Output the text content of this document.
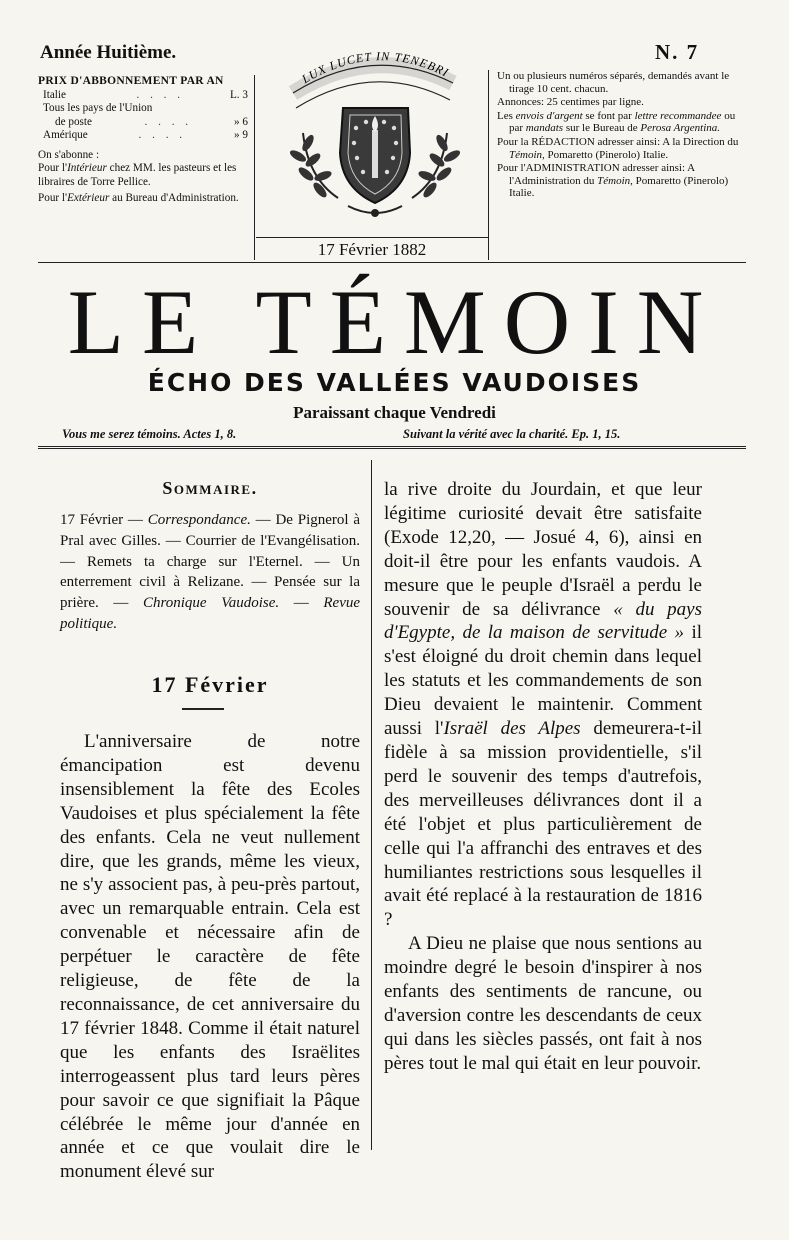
Année Huitième.	N. 7
PRIX D'ABBONNEMENT PAR AN
Italie	. . . .	L. 3
Tous les pays de l'Union
de poste	. . . .	» 6
Amérique	. . . .	» 9

On s'abonne :

Pour l'Intérieur chez MM. les pasteurs et les libraires de Torre Pellice.

Pour l'Extérieur au Bureau d'Administration.

LUX LUCET IN TENEBRI
17 Février 1882

Un ou plusieurs numéros séparés, demandés avant le tirage 10 cent. chacun.

Annonces: 25 centimes par ligne.

Les envois d'argent se font par lettre recommandee ou par mandats sur le Bureau de Perosa Argentina.

Pour la RÉDACTION adresser ainsi: A la Direction du Témoin, Pomaretto (Pinerolo) Italie.

Pour l'ADMINISTRATION adresser ainsi: A l'Administration du Témoin, Pomaretto (Pinerolo) Italie.

LE TÉMOIN
ÉCHO DES VALLÉES VAUDOISES
Paraissant chaque Vendredi
Vous me serez témoins. Actes 1, 8.	Suivant la vérité avec la charité. Ep. 1, 15.
Sommaire.
17 Février — Correspondance. — De Pignerol à Pral avec Gilles. — Courrier de l'Evangélisation. — Remets ta charge sur l'Eternel. — Un enterrement civil à Relizane. — Pensée sur la prière. — Chronique Vaudoise. — Revue politique.
17 Février

L'anniversaire de notre émancipation est devenu insensiblement la fête des Ecoles Vaudoises et plus spécialement la fête des enfants. Cela ne veut nullement dire, que les grands, même les vieux, ne s'y associent pas, à peu-près partout, avec un remarquable entrain. Cela est convenable et nécessaire afin de perpétuer le caractère de fête religieuse, de fête de la reconnaissance, de cet anniversaire du 17 février 1848. Comme il était naturel que les enfants des Israëlites interrogeassent plus tard leurs pères pour savoir ce que signifiait la Pâque célébrée le même jour d'année en année et ce que voulait dire le monument élevé sur

la rive droite du Jourdain, et que leur légitime curiosité devait être satisfaite (Exode 12,20, — Josué 4, 6), ainsi en doit-il être pour les enfants vaudois. A mesure que le peuple d'Israël a perdu le souvenir de sa délivrance « du pays d'Egypte, de la maison de servitude » il s'est éloigné du droit chemin dans lequel les statuts et les commandements de son Dieu devaient le maintenir. Comment aussi l'Israël des Alpes demeurera-t-il fidèle à sa mission providentielle, s'il perd le souvenir des temps d'autrefois, des merveilleuses délivrances dont il a été l'objet et plus particulièrement de celle qui l'a affranchi des entraves et des humiliantes restrictions sous lesquelles il avait été replacé à la restauration de 1816 ?

A Dieu ne plaise que nous sentions au moindre degré le besoin d'inspirer à nos enfants des sentiments de rancune, ou d'aversion contre les descendants de ceux qui dans les siècles passés, ont fait à nos pères tout le mal qui était en leur pouvoir.
